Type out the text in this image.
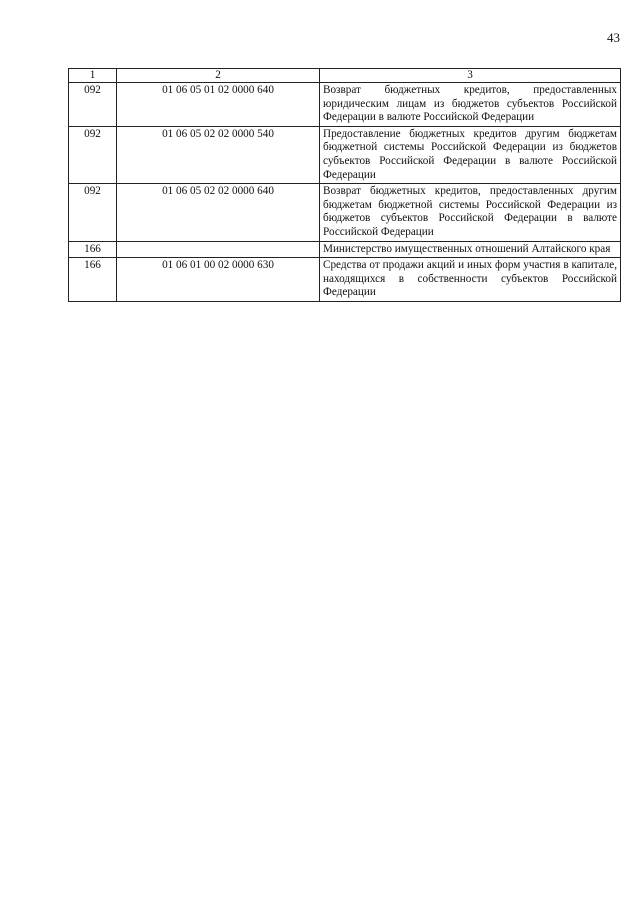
43
1	2	3
092	01 06 05 01 02 0000 640	Возврат бюджетных кредитов, предоставленных юридическим лицам из бюджетов субъектов Российской Федерации в валюте Российской Федерации
092	01 06 05 02 02 0000 540	Предоставление бюджетных кредитов другим бюджетам бюджетной системы Российской Федерации из бюджетов субъектов Российской Федерации в валюте Российской Федерации
092	01 06 05 02 02 0000 640	Возврат бюджетных кредитов, предоставленных другим бюджетам бюджетной системы Российской Федерации из бюджетов субъектов Российской Федерации в валюте Российской Федерации
166		Министерство имущественных отношений Алтайского края
166	01 06 01 00 02 0000 630	Средства от продажи акций и иных форм участия в капитале, находящихся в собственности субъектов Российской Федерации
